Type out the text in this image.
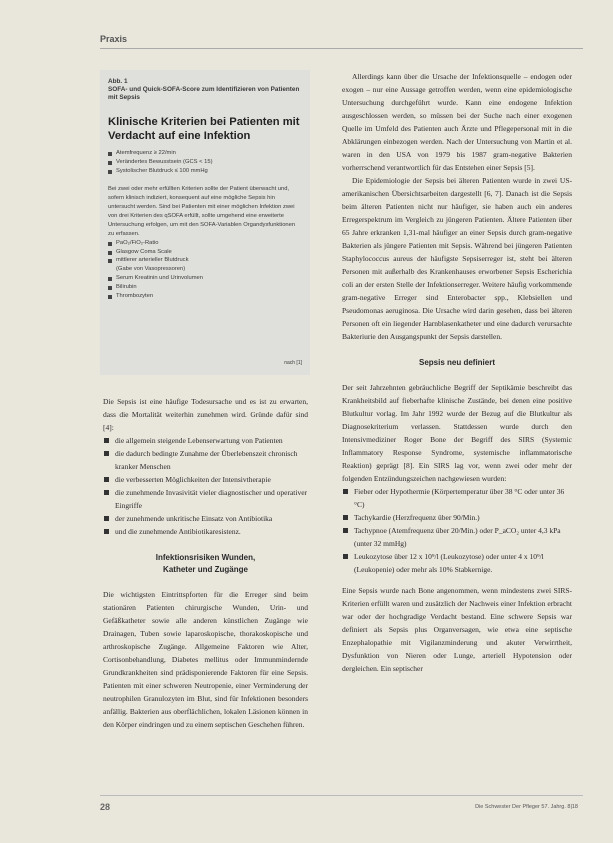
Praxis
Abb. 1
SOFA- und Quick-SOFA-Score zum Identifizieren von Patienten mit Sepsis
Klinische Kriterien bei Patienten mit Verdacht auf eine Infektion
Atemfrequenz ≥ 22/min
Verändertes Bewusstsein (GCS < 15)
Systolischer Blutdruck ≤ 100 mmHg
Bei zwei oder mehr erfüllten Kriterien sollte der Patient überwacht und, sofern klinisch indiziert, konsequent auf eine mögliche Sepsis hin untersucht werden. Sind bei Patienten mit einer möglichen Infektion zwei von drei Kriterien des qSOFA erfüllt, sollte umgehend eine erweiterte Untersuchung erfolgen, um mit den SOFA-Variablen Organdysfunktionen zu erfassen.
PaO₂/FiO₂-Ratio
Glasgow Coma Scale
mittlerer arterieller Blutdruck
(Gabe von Vasopressoren)
Serum Kreatinin und Urinvolumen
Bilirubin
Thrombozyten
nach [1]

Die Sepsis ist eine häufige Todesursache und es ist zu erwarten, dass die Mortalität weiterhin zunehmen wird. Gründe dafür sind [4]:

die allgemein steigende Lebenserwartung von Patienten
die dadurch bedingte Zunahme der Überlebenszeit chronisch kranker Menschen
die verbesserten Möglichkeiten der Intensivtherapie
die zunehmende Invasivität vieler diagnostischer und operativer Eingriffe
der zunehmende unkritische Einsatz von Antibiotika
und die zunehmende Antibiotikaresistenz.
Infektionsrisiken Wunden,
Katheter und Zugänge

Die wichtigsten Eintrittspforten für die Erreger sind beim stationären Patienten chirurgische Wunden, Urin- und Gefäßkatheter sowie alle anderen künstlichen Zugänge wie Drainagen, Tuben sowie laparoskopische, thorakoskopische und arthroskopische Zugänge. Allgemeine Faktoren wie Alter, Cortisonbehandlung, Diabetes mellitus oder Immunmindernde Grundkrankheiten sind prädisponierende Faktoren für eine Sepsis. Patienten mit einer schweren Neutropenie, einer Verminderung der neutrophilen Granulozyten im Blut, sind für Infektionen besonders anfällig. Bakterien aus oberflächlichen, lokalen Läsionen können in den Körper eindringen und zu einem septischen Geschehen führen.

Allerdings kann über die Ursache der Infektionsquelle – endogen oder exogen – nur eine Aussage getroffen werden, wenn eine epidemiologische Untersuchung durchgeführt wurde. Kann eine endogene Infektion ausgeschlossen werden, so müssen bei der Suche nach einer exogenen Quelle im Umfeld des Patienten auch Ärzte und Pflegepersonal mit in die Abklärungen einbezogen werden. Nach der Untersuchung von Martin et al. waren in den USA von 1979 bis 1987 gram-negative Bakterien vorherrschend verantwortlich für das Entstehen einer Sepsis [5].

Die Epidemiologie der Sepsis bei älteren Patienten wurde in zwei US-amerikanischen Übersichtsarbeiten dargestellt [6, 7]. Danach ist die Sepsis beim älteren Patienten nicht nur häufiger, sie haben auch ein anderes Erregerspektrum im Vergleich zu jüngeren Patienten. Ältere Patienten über 65 Jahre erkranken 1,31-mal häufiger an einer Sepsis durch gram-negative Bakterien als jüngere Patienten mit Sepsis. Während bei jüngeren Patienten Staphylococcus aureus der häufigste Sepsiserreger ist, steht bei älteren Personen mit außerhalb des Krankenhauses erworbener Sepsis Escherichia coli an der ersten Stelle der Infektionserreger. Weitere häufig vorkommende gram-negative Erreger sind Enterobacter spp., Klebsiellen und Pseudomonas aeruginosa. Die Ursache wird darin gesehen, dass bei älteren Personen oft ein liegender Harnblasenkatheter und eine dadurch verursachte Bakteriurie den Ausgangspunkt der Sepsis darstellen.

Sepsis neu definiert

Der seit Jahrzehnten gebräuchliche Begriff der Septikämie beschreibt das Krankheitsbild auf fieberhafte klinische Zustände, bei denen eine positive Blutkultur vorlag. Im Jahr 1992 wurde der Bezug auf die Blutkultur als Diagnosekriterium verlassen. Stattdessen wurde durch den Intensivmediziner Roger Bone der Begriff des SIRS (Systemic Inflammatory Response Syndrome, systemische inflammatorische Reaktion) geprägt [8]. Ein SIRS lag vor, wenn zwei oder mehr der folgenden Entzündungszeichen nachgewiesen wurden:

Fieber oder Hypothermie (Körpertemperatur über 38 °C oder unter 36 °C)
Tachykardie (Herzfrequenz über 90/Min.)
Tachypnoe (Atemfrequenz über 20/Min.) oder P_aCO₂ unter 4,3 kPa (unter 32 mmHg)
Leukozytose über 12 x 10⁹/l (Leukozytose) oder unter 4 x 10⁹/l (Leukopenie) oder mehr als 10% Stabkernige.

Eine Sepsis wurde nach Bone angenommen, wenn mindestens zwei SIRS-Kriterien erfüllt waren und zusätzlich der Nachweis einer Infektion erbracht war oder der hochgradige Verdacht bestand. Eine schwere Sepsis war definiert als Sepsis plus Organversagen, wie etwa eine septische Enzephalopathie mit Vigilanzminderung und akuter Verwirrtheit, Dysfunktion von Nieren oder Lunge, arteriell Hypotension oder dergleichen. Ein septischer

28	Die Schwester Der Pfleger 57. Jahrg. 8|18
